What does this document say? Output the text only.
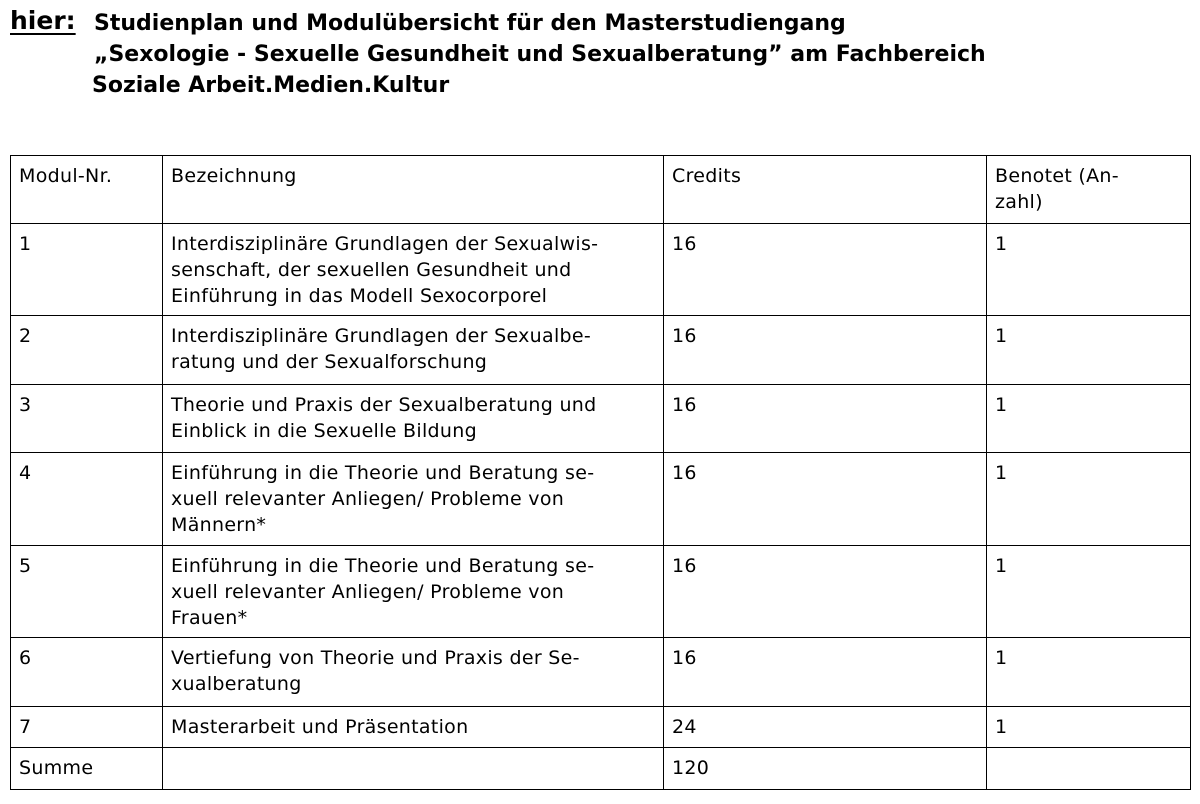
hier: Studienplan und Modulübersicht für den Masterstudiengang
„Sexologie - Sexuelle Gesundheit und Sexualberatung” am Fachbereich
Soziale Arbeit.Medien.Kultur
Modul-Nr.	Bezeichnung	Credits	Benotet (An-
zahl)
1	Interdisziplinäre Grundlagen der Sexualwis-
senschaft, der sexuellen Gesundheit und
Einführung in das Modell Sexocorporel	16	1
2	Interdisziplinäre Grundlagen der Sexualbe-
ratung und der Sexualforschung	16	1
3	Theorie und Praxis der Sexualberatung und
Einblick in die Sexuelle Bildung	16	1
4	Einführung in die Theorie und Beratung se-
xuell relevanter Anliegen/ Probleme von
Männern*	16	1
5	Einführung in die Theorie und Beratung se-
xuell relevanter Anliegen/ Probleme von
Frauen*	16	1
6	Vertiefung von Theorie und Praxis der Se-
xualberatung	16	1
7	Masterarbeit und Präsentation	24	1
Summe		120	
